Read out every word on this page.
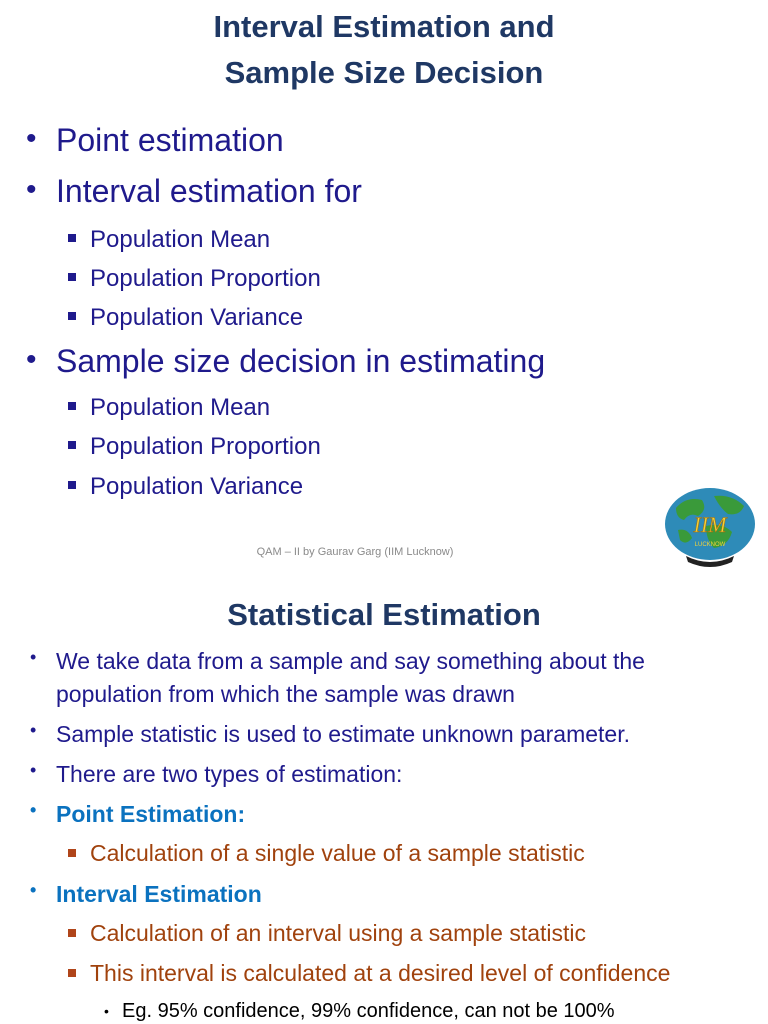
Interval Estimation and
Sample Size Decision
• Point estimation
• Interval estimation for
Population Mean
Population Proportion
Population Variance
• Sample size decision in estimating
Population Mean
Population Proportion
Population Variance
QAM – II by Gaurav Garg (IIM Lucknow)
IIM
LUCKNOW
Statistical Estimation
• We take data from a sample and say something about the
population from which the sample was drawn
• Sample statistic is used to estimate unknown parameter.
• There are two types of estimation:
• Point Estimation:
Calculation of a single value of a sample statistic
• Interval Estimation
Calculation of an interval using a sample statistic
This interval is calculated at a desired level of confidence
• Eg. 95% confidence, 99% confidence, can not be 100%
